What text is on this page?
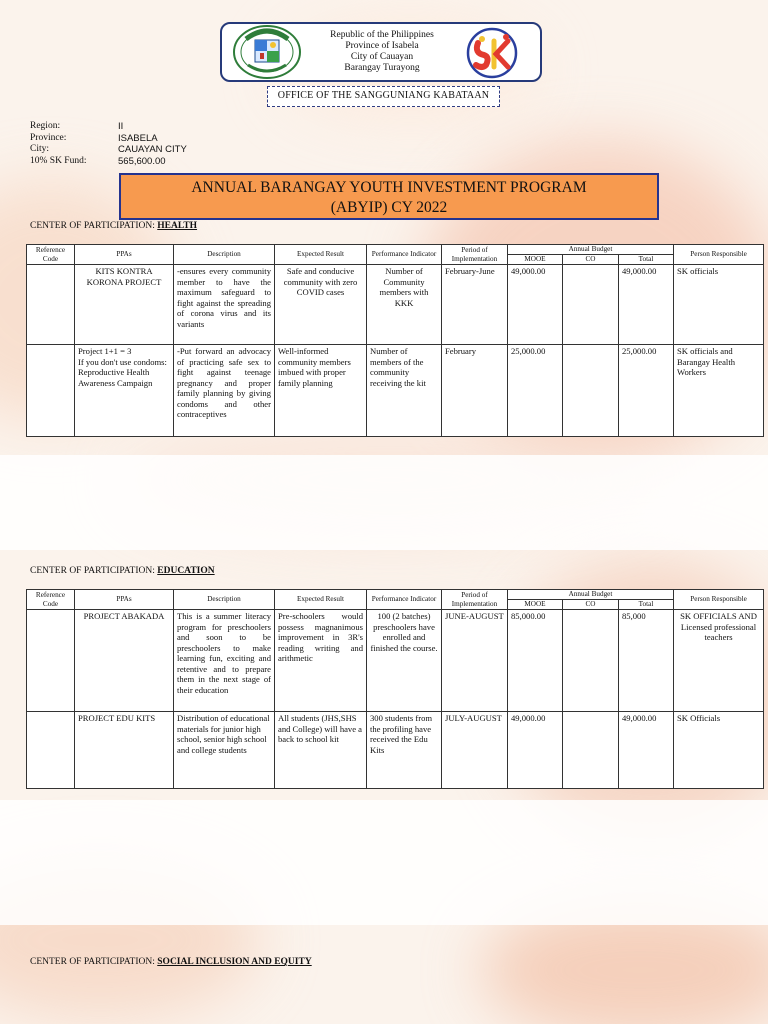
Republic of the Philippines
Province of Isabela
City of Cauayan
Barangay Turayong
OFFICE OF THE SANGGUNIANG KABATAAN
Region:	II
Province:	ISABELA
City:	CAUAYAN CITY
10% SK Fund:	565,600.00
ANNUAL BARANGAY YOUTH INVESTMENT PROGRAM
(ABYIP) CY 2022
CENTER OF PARTICIPATION: HEALTH
Reference Code	PPAs	Description	Expected Result	Performance Indicator	Period of Implementation	Annual Budget			Person Responsible
						MOOE	CO	Total	
	KITS KONTRA KORONA PROJECT	-ensures every community member to have the maximum safeguard to fight against the spreading of corona virus and its variants	Safe and conducive community with zero COVID cases	Number of Community members with KKK	February-June	49,000.00		49,000.00	SK officials
	Project 1+1 = 3
If you don't use condoms:
Reproductive Health Awareness Campaign	-Put forward an advocacy of practicing safe sex to fight against teenage pregnancy and proper family planning by giving condoms and other contraceptives	Well-informed community members imbued with proper family planning	Number of members of the community receiving the kit	February	25,000.00		25,000.00	SK officials and Barangay Health Workers
CENTER OF PARTICIPATION: EDUCATION
Reference Code	PPAs	Description	Expected Result	Performance Indicator	Period of Implementation	Annual Budget			Person Responsible
						MOOE	CO	Total	
	PROJECT ABAKADA	This is a summer literacy program for preschoolers and soon to be preschoolers to make learning fun, exciting and retentive and to prepare them in the next stage of their education	Pre-schoolers would possess magnanimous improvement in 3R's reading writing and arithmetic	100 (2 batches) preschoolers have enrolled and finished the course.	JUNE-AUGUST	85,000.00		85,000	SK OFFICIALS AND Licensed professional teachers
	PROJECT EDU KITS	Distribution of educational materials for junior high school, senior high school and college students	All students (JHS,SHS and College) will have a back to school kit	300 students from the profiling have received the Edu Kits	JULY-AUGUST	49,000.00		49,000.00	SK Officials
CENTER OF PARTICIPATION: SOCIAL INCLUSION AND EQUITY
